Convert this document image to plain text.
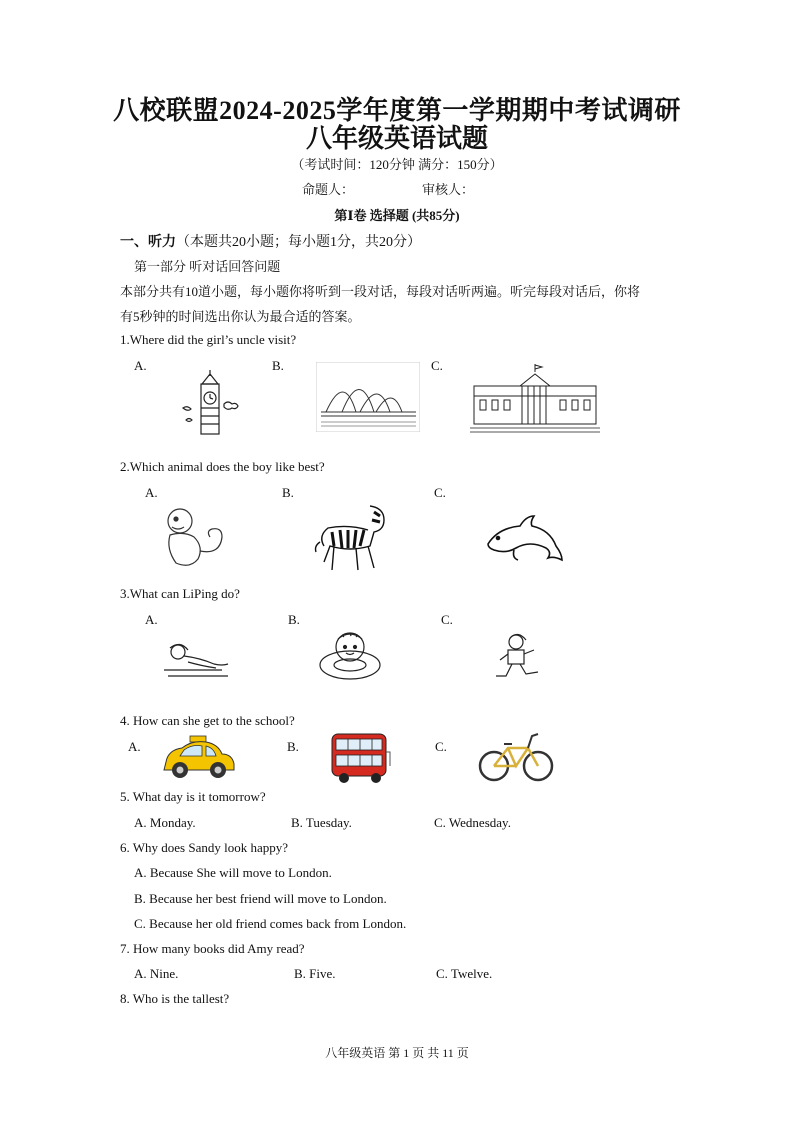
八校联盟2024-2025学年度第一学期期中考试调研
八年级英语试题
（考试时间：120分钟 满分：150分）
命题人：	审核人：
第Ⅰ卷 选择题 (共85分)
一、听力（本题共20小题；每小题1分，共20分）
第一部分 听对话回答问题
本部分共有10道小题，每小题你将听到一段对话，每段对话听两遍。听完每段对话后，你将
有5秒钟的时间选出你认为最合适的答案。
1.Where did the girl’s uncle visit?
A.	B.	C.
2.Which animal does the boy like best?
A.	B.	C.
3.What can LiPing do?
A.	B.	C.
4. How can she get to the school?
A.	B.	C.
5. What day is it tomorrow?
A. Monday.	B. Tuesday.	C. Wednesday.
6. Why does Sandy look happy?
A. Because She will move to London.
B. Because her best friend will move to London.
C. Because her old friend comes back from London.
7. How many books did Amy read?
A. Nine.	B. Five.	C. Twelve.
8. Who is the tallest?
八年级英语 第 1 页 共 11 页
